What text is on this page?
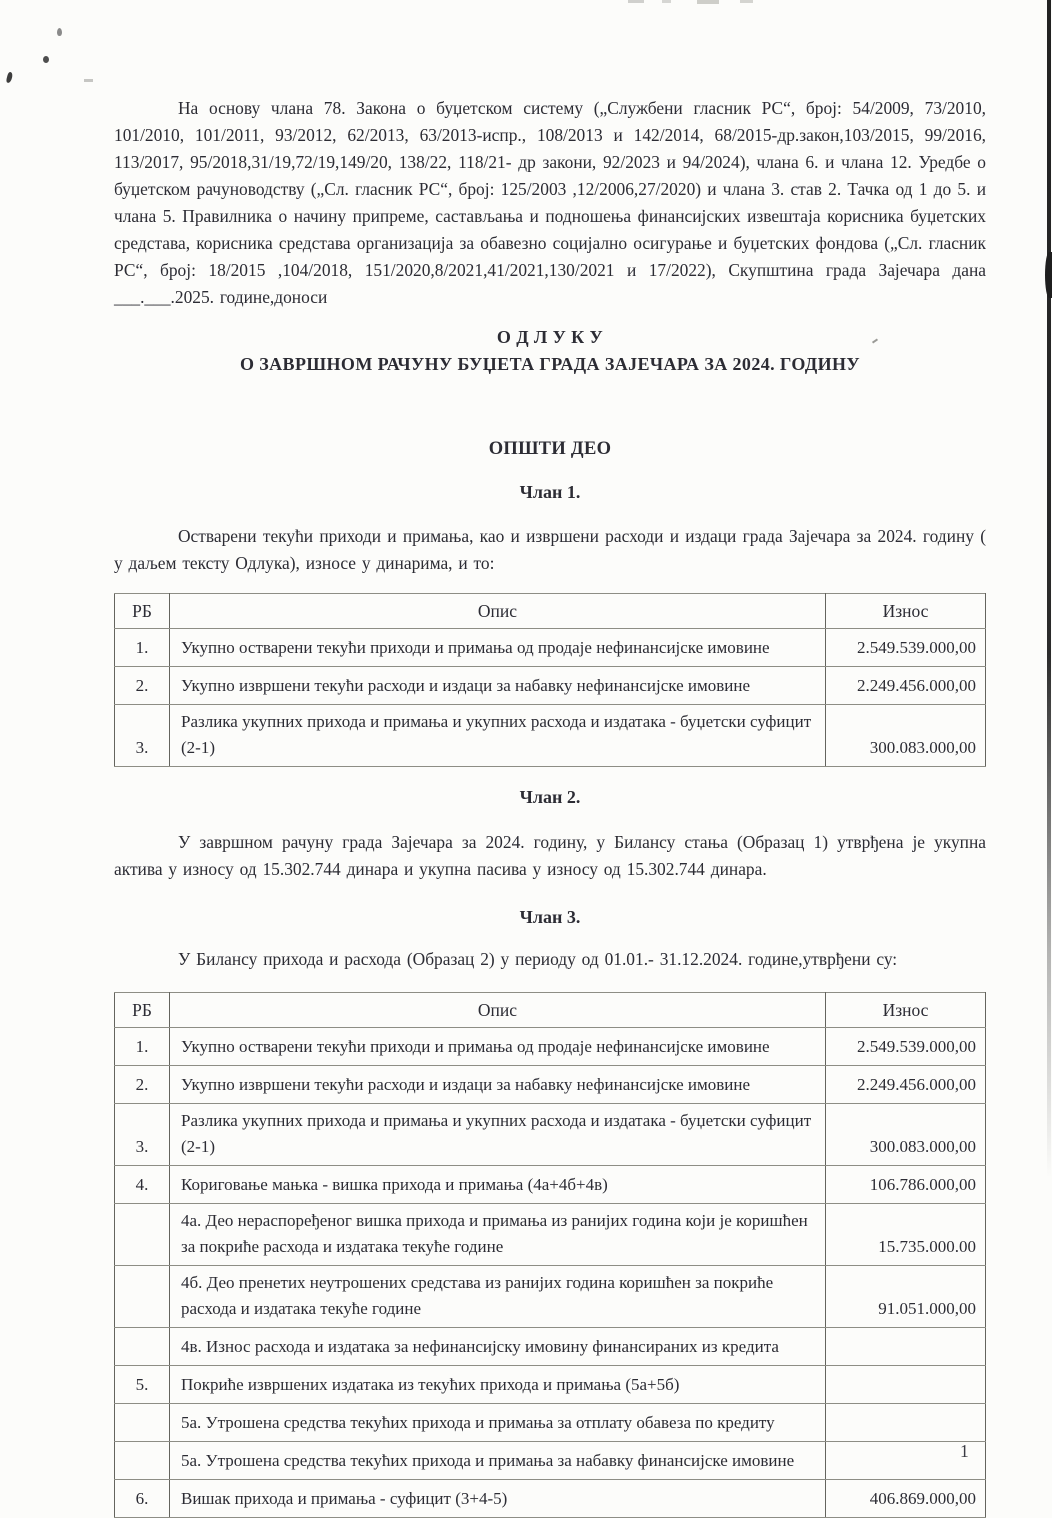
На основу члана 78. Закона о буџетском систему („Службени гласник РС“, број: 54/2009, 73/2010, 101/2010, 101/2011, 93/2012, 62/2013, 63/2013-испр., 108/2013 и 142/2014, 68/2015-др.закон,103/2015, 99/2016, 113/2017, 95/2018,31/19,72/19,149/20, 138/22, 118/21- др закони, 92/2023 и 94/2024), члана 6. и члана 12. Уредбе о буџетском рачуноводству („Сл. гласник РС“, број: 125/2003 ,12/2006,27/2020) и члана 3. став 2. Тачка од 1 до 5. и члана 5. Правилника о начину припреме, састављања и подношења финансијских извештаја корисника буџетских средстава, корисника средстава организација за обавезно социјално осигурање и буџетских фондова („Сл. гласник РС“, број: 18/2015 ,104/2018, 151/2020,8/2021,41/2021,130/2021 и 17/2022), Скупштина града Зајечара дана ___.___.2025. године,доноси

О Д Л У К У
О ЗАВРШНОМ РАЧУНУ БУЏЕТА ГРАДА ЗАЈЕЧАРА ЗА 2024. ГОДИНУ
ОПШТИ ДЕО
Члан 1.

Остварени текући приходи и примања, као и извршени расходи и издаци града Зајечара за 2024. годину ( у даљем тексту Одлука), износе у динарима, и то:

РБ	Опис	Износ
1.	Укупно остварени текући приходи и примања од продаје нефинансијске имовине	2.549.539.000,00
2.	Укупно извршени текући расходи и издаци за набавку нефинансијске имовине	2.249.456.000,00
3.	Разлика укупних прихода и примања и укупних расхода и издатака - буџетски суфицит (2-1)	300.083.000,00
Члан 2.

У завршном рачуну града Зајечара за 2024. годину, у Билансу стања (Образац 1) утврђена је укупна актива у износу од 15.302.744 динара и укупна пасива у износу од 15.302.744 динара.

Члан 3.

У Билансу прихода и расхода (Образац 2) у периоду од 01.01.- 31.12.2024. године,утврђени су:

РБ	Опис	Износ
1.	Укупно остварени текући приходи и примања од продаје нефинансијске имовине	2.549.539.000,00
2.	Укупно извршени текући расходи и издаци за набавку нефинансијске имовине	2.249.456.000,00
3.	Разлика укупних прихода и примања и укупних расхода и издатака - буџетски суфицит (2-1)	300.083.000,00
4.	Кориговање мањка - вишка прихода и примања (4а+4б+4в)	106.786.000,00
	4а. Део нераспоређеног вишка прихода и примања из ранијих година који је коришћен за покриће расхода и издатака текуће године	15.735.000.00
	4б. Део пренетих неутрошених средстава из ранијих година коришћен за покриће расхода и издатака текуће године	91.051.000,00
	4в. Износ расхода и издатака за нефинансијску имовину финансираних из кредита	
5.	Покриће извршених издатака из текућих прихода и примања (5а+5б)	
	5а. Утрошена средства текућих прихода и примања за отплату обавеза по кредиту	
	5а. Утрошена средства текућих прихода и примања за набавку финансијске имовине	
6.	Вишак прихода и примања - суфицит (3+4-5)	406.869.000,00
1
